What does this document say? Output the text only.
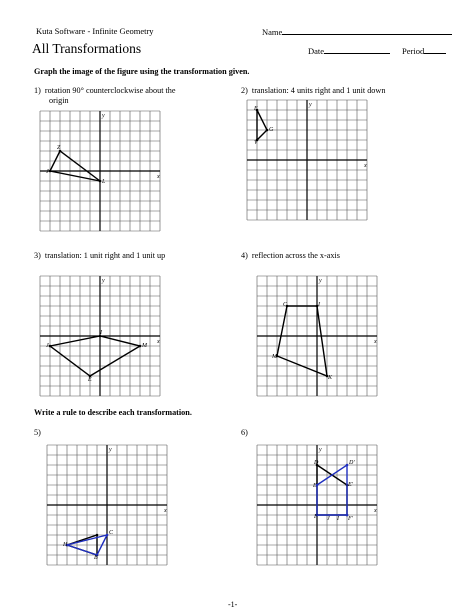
Kuta Software - Infinite Geometry	Name
All Transformations	Date	Period
Graph the image of the figure using the transformation given.
1) rotation 90° counterclockwise about the
origin
2) translation: 4 units right and 1 unit down
x
y
Z
J
L
x
y
E
G
V
3) translation: 1 unit right and 1 unit up	4) reflection across the x-axis
x
y
J
I
M
E
x
y
C	I
K
M
Write a rule to describe each transformation.
5)	6)
x
y
H
B
C
x
y
D	D'
E	E'
F J I F'
-1-
